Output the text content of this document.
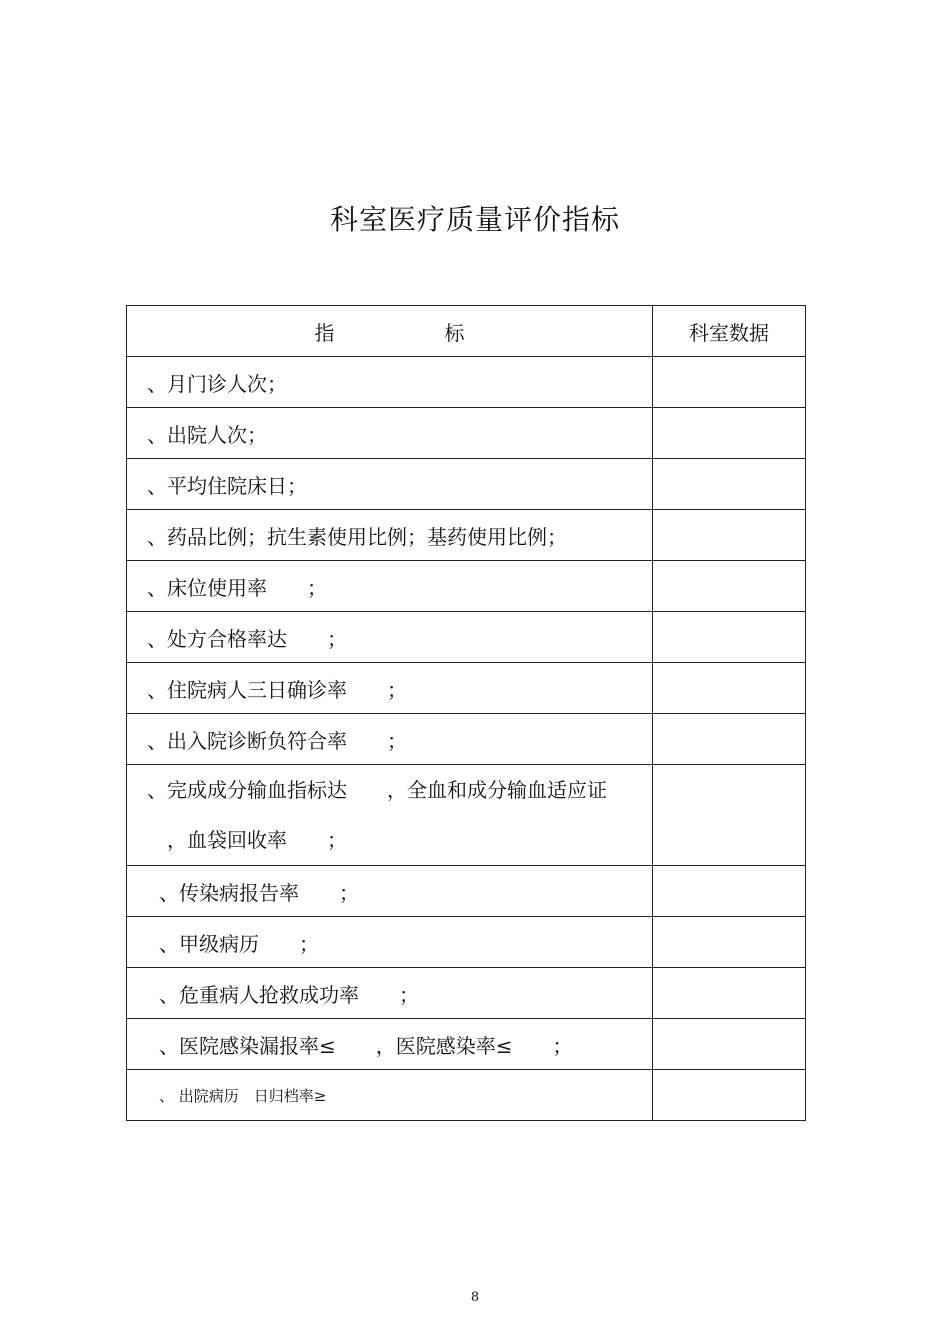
科室医疗质量评价指标
指 标	科室数据
、月门诊人次；	
、出院人次；	
、平均住院床日；	
、药品比例；抗生素使用比例；基药使用比例；	
、床位使用率　　；	
、处方合格率达　　；	
、住院病人三日确诊率　　；	
、出入院诊断负符合率　　；	

、完成成分输血指标达　　，全血和成分输血适应证
　，血袋回收率　　；	

、传染病报告率　　；	
、甲级病历　　；	
、危重病人抢救成功率　　；	
、医院感染漏报率≤　　，医院感染率≤　　；	
、 出院病历　日归档率≥	
8
